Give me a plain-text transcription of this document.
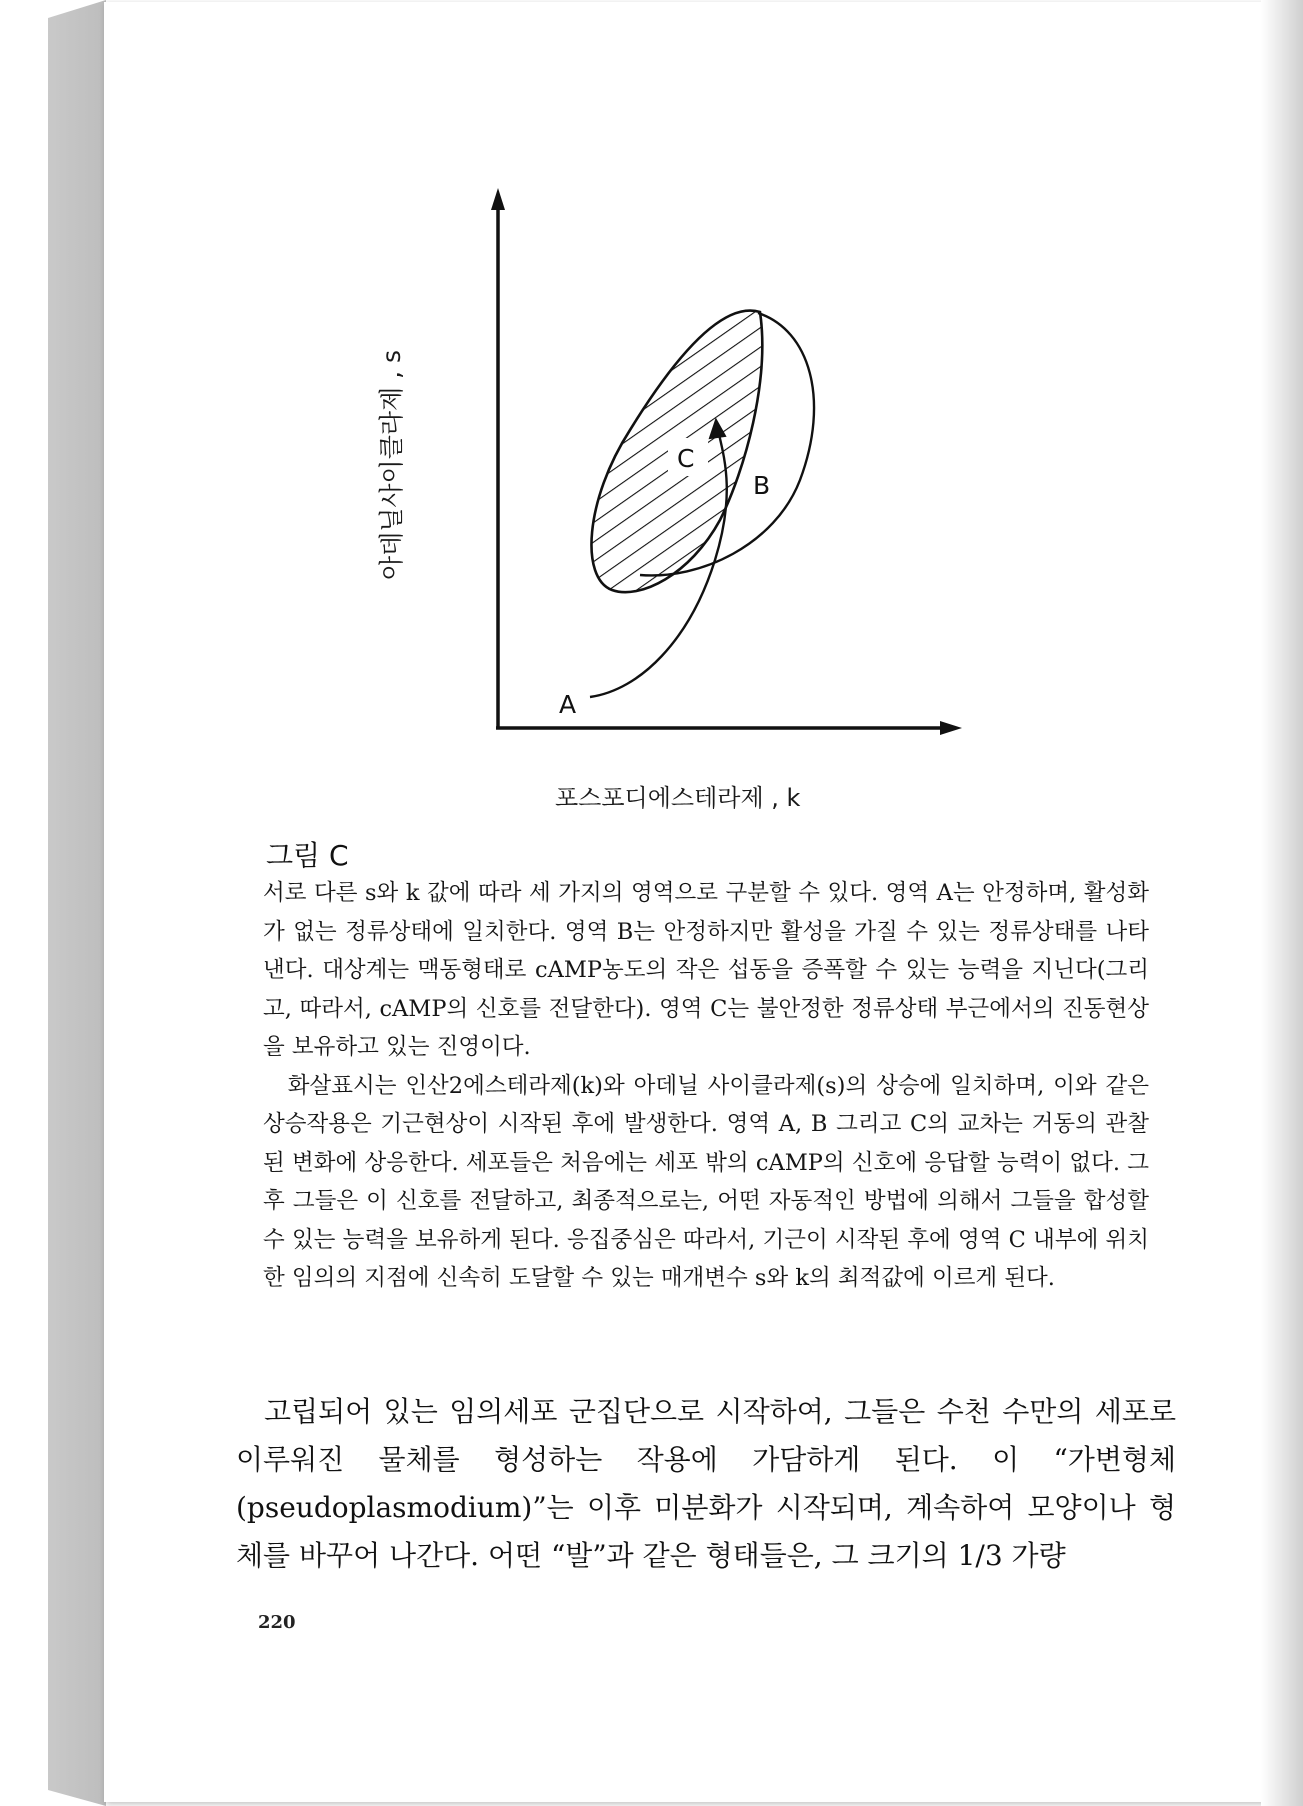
A
B
C
아데닐사이클라제 , s
포스포디에스테라제 , k
그림 C

서로 다른 s와 k 값에 따라 세 가지의 영역으로 구분할 수 있다. 영역 A는 안정하며, 활성화가 없는 정류상태에 일치한다. 영역 B는 안정하지만 활성을 가질 수 있는 정류상태를 나타낸다. 대상계는 맥동형태로 cAMP농도의 작은 섭동을 증폭할 수 있는 능력을 지닌다(그리고, 따라서, cAMP의 신호를 전달한다). 영역 C는 불안정한 정류상태 부근에서의 진동현상을 보유하고 있는 진영이다.

화살표시는 인산2에스테라제(k)와 아데닐 사이클라제(s)의 상승에 일치하며, 이와 같은 상승작용은 기근현상이 시작된 후에 발생한다. 영역 A, B 그리고 C의 교차는 거동의 관찰된 변화에 상응한다. 세포들은 처음에는 세포 밖의 cAMP의 신호에 응답할 능력이 없다. 그후 그들은 이 신호를 전달하고, 최종적으로는, 어떤 자동적인 방법에 의해서 그들을 합성할 수 있는 능력을 보유하게 된다. 응집중심은 따라서, 기근이 시작된 후에 영역 C 내부에 위치한 임의의 지점에 신속히 도달할 수 있는 매개변수 s와 k의 최적값에 이르게 된다.

고립되어 있는 임의세포 군집단으로 시작하여, 그들은 수천 수만의 세포로 이루워진 물체를 형성하는 작용에 가담하게 된다. 이 “가변형체(pseudoplasmodium)”는 이후 미분화가 시작되며, 계속하여 모양이나 형체를 바꾸어 나간다. 어떤 “발”과 같은 형태들은, 그 크기의 1/3 가량

220
